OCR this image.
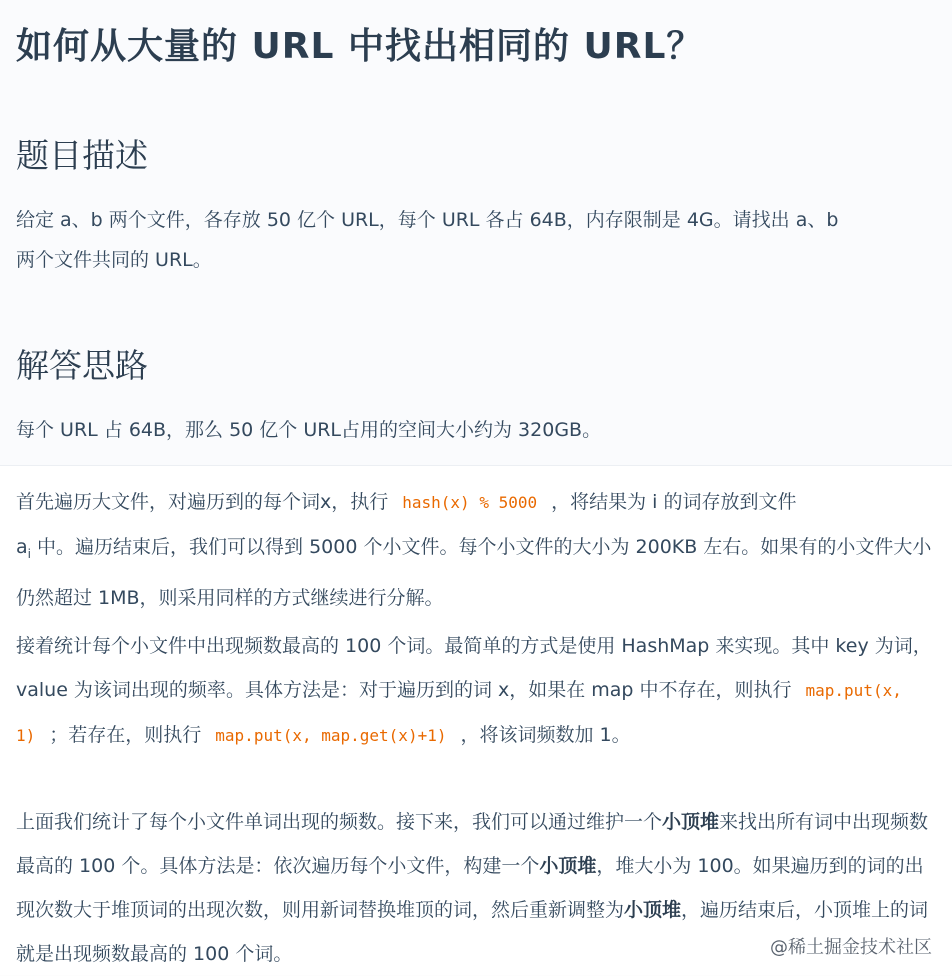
如何从大量的 URL 中找出相同的 URL？
题目描述

给定 a、b 两个文件，各存放 50 亿个 URL，每个 URL 各占 64B，内存限制是 4G。请找出 a、b
两个文件共同的 URL。

解答思路

每个 URL 占 64B，那么 50 亿个 URL占用的空间大小约为 320GB。

首先遍历大文件，对遍历到的每个词x，执行 hash(x) % 5000 ，将结果为 i 的词存放到文件
$a_i$ 中。遍历结束后，我们可以得到 5000 个小文件。每个小文件的大小为 200KB 左右。如果有的小文件大小仍然超过 1MB，则采用同样的方式继续进行分解。

接着统计每个小文件中出现频数最高的 100 个词。最简单的方式是使用 HashMap 来实现。其中 key 为词，value 为该词出现的频率。具体方法是：对于遍历到的词 x，如果在 map 中不存在，则执行 map.put(x, 1) ；若存在，则执行 map.put(x, map.get(x)+1) ，将该词频数加 1。

上面我们统计了每个小文件单词出现的频数。接下来，我们可以通过维护一个小顶堆来找出所有词中出现频数最高的 100 个。具体方法是：依次遍历每个小文件，构建一个小顶堆，堆大小为 100。如果遍历到的词的出现次数大于堆顶词的出现次数，则用新词替换堆顶的词，然后重新调整为小顶堆，遍历结束后，小顶堆上的词就是出现频数最高的 100 个词。	@稀土掘金技术社区
